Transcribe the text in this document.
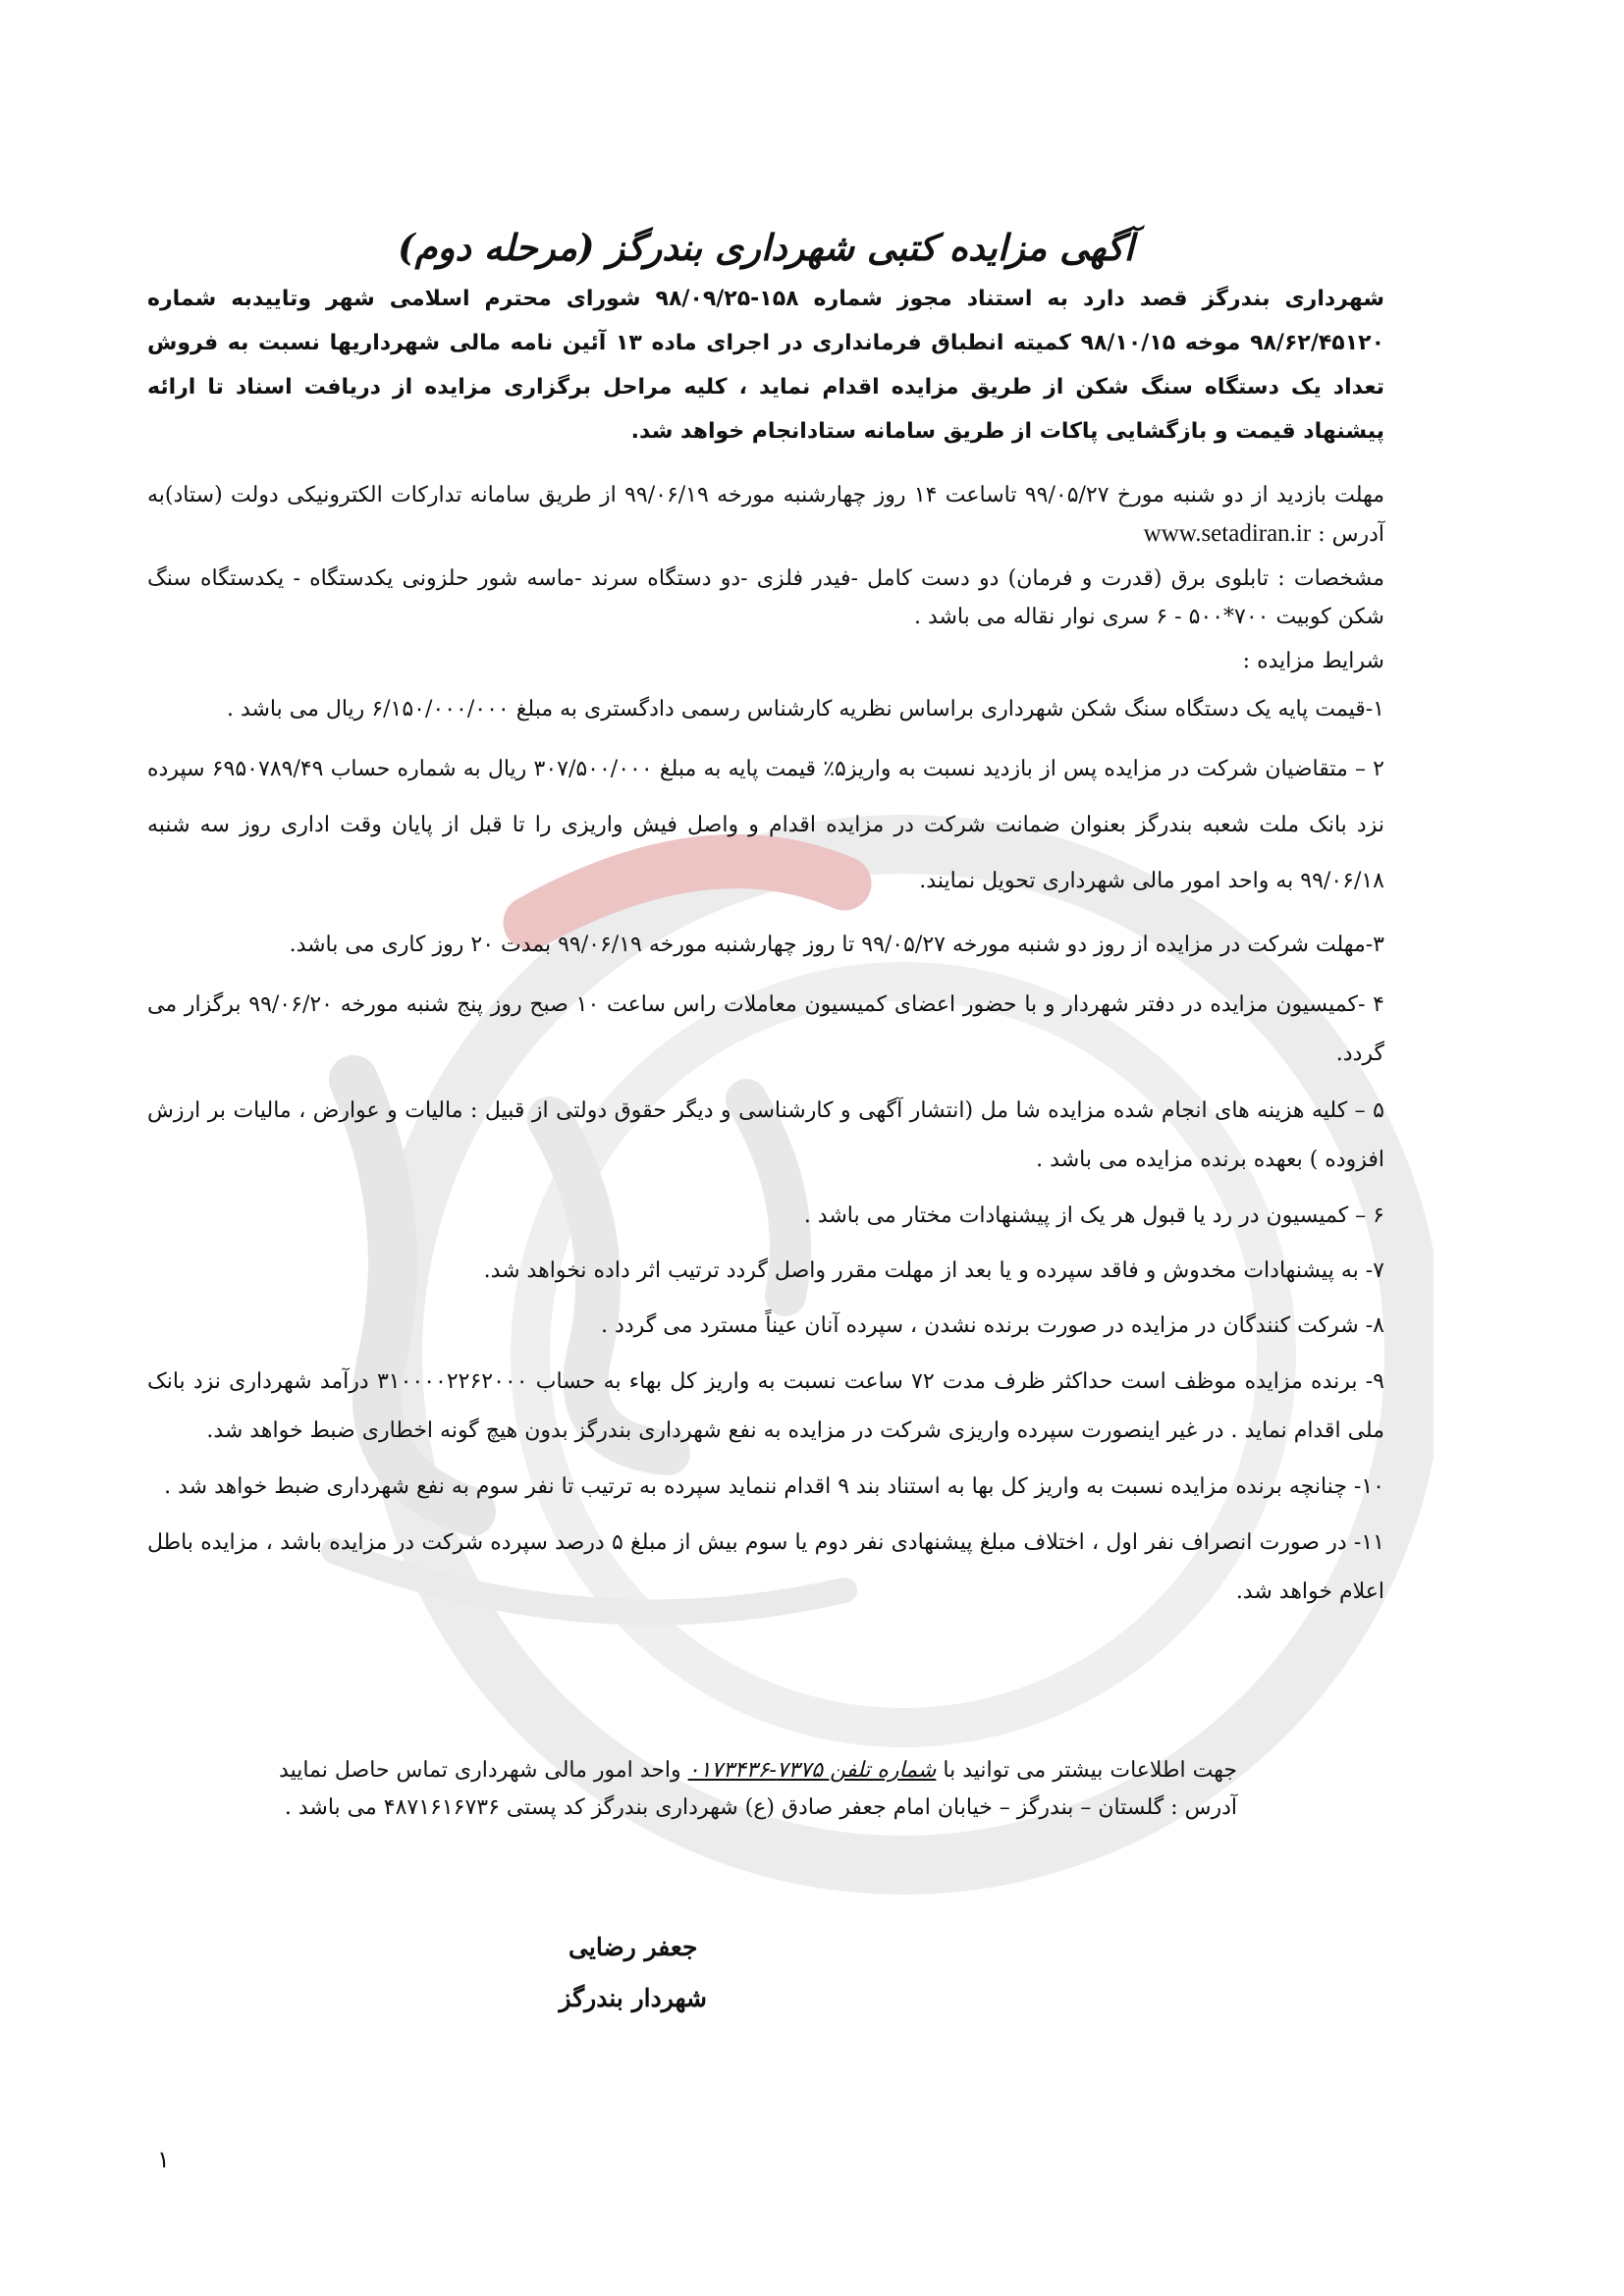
آگهی مزایده کتبی شهرداری بندرگز (مرحله دوم)

شهرداری بندرگز قصد دارد به استناد مجوز شماره ۱۵۸-۹۸/۰۹/۲۵ شورای محترم اسلامی شهر وتاییدبه شماره ۹۸/۶۲/۴۵۱۲۰ موخه ۹۸/۱۰/۱۵ کمیته انطباق فرمانداری در اجرای ماده ۱۳ آئین نامه مالی شهرداریها نسبت به فروش تعداد یک دستگاه سنگ شکن از طریق مزایده اقدام نماید ، کلیه مراحل برگزاری مزایده از دریافت اسناد تا ارائه پیشنهاد قیمت و بازگشایی پاکات از طریق سامانه ستادانجام خواهد شد.

مهلت بازدید از دو شنبه مورخ ۹۹/۰۵/۲۷ تاساعت ۱۴ روز چهارشنبه مورخه ۹۹/۰۶/۱۹ از طریق سامانه تدارکات الکترونیکی دولت (ستاد)به آدرس : www.setadiran.ir

مشخصات : تابلوی برق (قدرت و فرمان) دو دست کامل -فیدر فلزی -دو دستگاه سرند -ماسه شور حلزونی یکدستگاه - یکدستگاه سنگ شکن کوبیت ۷۰۰*۵۰۰ - ۶ سری نوار نقاله می باشد .

شرایط مزایده :

۱-قیمت پایه یک دستگاه سنگ شکن شهرداری براساس نظریه کارشناس رسمی دادگستری به مبلغ ۶/۱۵۰/۰۰۰/۰۰۰ ریال می باشد .

۲ – متقاضیان شرکت در مزایده پس از بازدید نسبت به واریز۵٪ قیمت پایه به مبلغ ۳۰۷/۵۰۰/۰۰۰ ریال به شماره حساب ۶۹۵۰۷۸۹/۴۹ سپرده نزد بانک ملت شعبه بندرگز بعنوان ضمانت شرکت در مزایده اقدام و واصل فیش واریزی را تا قبل از پایان وقت اداری روز سه شنبه ۹۹/۰۶/۱۸ به واحد امور مالی شهرداری تحویل نمایند.

۳-مهلت شرکت در مزایده از روز دو شنبه مورخه ۹۹/۰۵/۲۷ تا روز چهارشنبه مورخه ۹۹/۰۶/۱۹ بمدت ۲۰ روز کاری می باشد.

۴ -کمیسیون مزایده در دفتر شهردار و با حضور اعضای کمیسیون معاملات راس ساعت ۱۰ صبح روز پنج شنبه مورخه ۹۹/۰۶/۲۰ برگزار می گردد.

۵ – کلیه هزینه های انجام شده مزایده شا مل (انتشار آگهی و کارشناسی و دیگر حقوق دولتی از قبیل : مالیات و عوارض ، مالیات بر ارزش افزوده ) بعهده برنده مزایده می باشد .

۶ – کمیسیون در رد یا قبول هر یک از پیشنهادات مختار می باشد .

۷- به پیشنهادات مخدوش و فاقد سپرده و یا بعد از مهلت مقرر واصل گردد ترتیب اثر داده نخواهد شد.

۸- شرکت کنندگان در مزایده در صورت برنده نشدن ، سپرده آنان عیناً مسترد می گردد .

۹- برنده مزایده موظف است حداکثر ظرف مدت ۷۲ ساعت نسبت به واریز کل بهاء به حساب ۳۱۰۰۰۰۲۲۶۲۰۰۰ درآمد شهرداری نزد بانک ملی اقدام نماید . در غیر اینصورت سپرده واریزی شرکت در مزایده به نفع شهرداری بندرگز بدون هیچ گونه اخطاری ضبط خواهد شد.

۱۰- چنانچه برنده مزایده نسبت به واریز کل بها به استناد بند ۹ اقدام ننماید سپرده به ترتیب تا نفر سوم به نفع شهرداری ضبط خواهد شد .

۱۱- در صورت انصراف نفر اول ، اختلاف مبلغ پیشنهادی نفر دوم یا سوم بیش از مبلغ ۵ درصد سپرده شرکت در مزایده باشد ، مزایده باطل اعلام خواهد شد.

جهت اطلاعات بیشتر می توانید با شماره تلفن ۷۳۷۵-۰۱۷۳۴۳۶ واحد امور مالی شهرداری تماس حاصل نمایید

آدرس : گلستان – بندرگز – خیابان امام جعفر صادق (ع) شهرداری بندرگز کد پستی ۴۸۷۱۶۱۶۷۳۶ می باشد .

جعفر رضایی

شهردار بندرگز

۱
